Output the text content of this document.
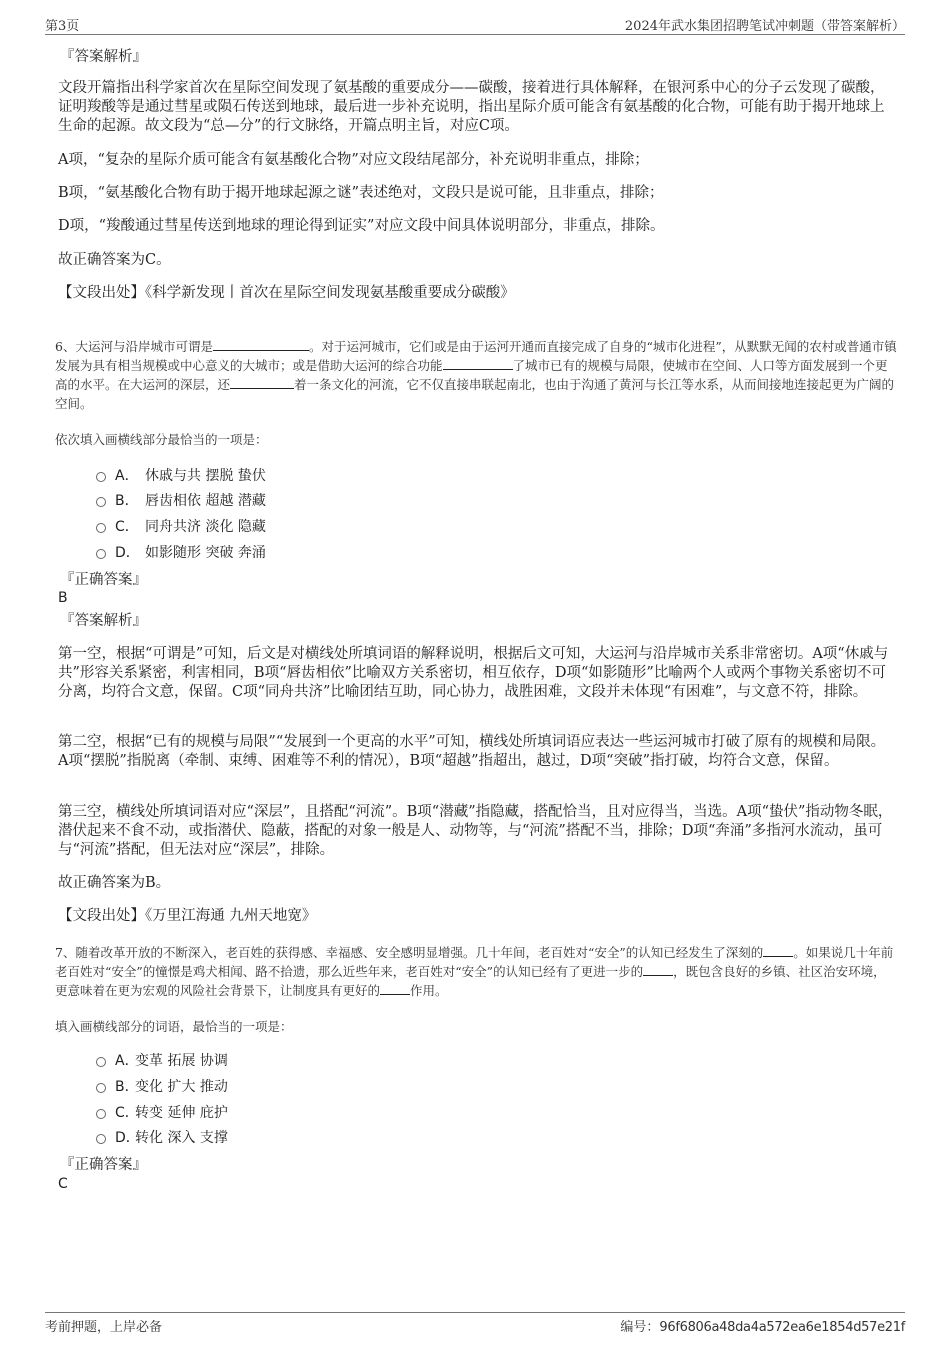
第3页	2024年武水集团招聘笔试冲刺题（带答案解析）
『答案解析』

文段开篇指出科学家首次在星际空间发现了氨基酸的重要成分——碳酸，接着进行具体解释，在银河系中心的分子云发现了碳酸，证明羧酸等是通过彗星或陨石传送到地球，最后进一步补充说明，指出星际介质可能含有氨基酸的化合物，可能有助于揭开地球上生命的起源。故文段为“总—分”的行文脉络，开篇点明主旨，对应C项。

A项，“复杂的星际介质可能含有氨基酸化合物”对应文段结尾部分，补充说明非重点，排除；

B项，“氨基酸化合物有助于揭开地球起源之谜”表述绝对，文段只是说可能，且非重点，排除；

D项，“羧酸通过彗星传送到地球的理论得到证实”对应文段中间具体说明部分，非重点，排除。

故正确答案为C。

【文段出处】《科学新发现丨首次在星际空间发现氨基酸重要成分碳酸》

6、大运河与沿岸城市可谓是	。对于运河城市，它们或是由于运河开通而直接完成了自身的“城市化进程”，从默默无闻的农村或普通市镇发展为具有相当规模或中心意义的大城市；或是借助大运河的综合功能	了城市已有的规模与局限，使城市在空间、人口等方面发展到一个更高的水平。在大运河的深层，还	着一条文化的河流，它不仅直接串联起南北，也由于沟通了黄河与长江等水系，从而间接地连接起更为广阔的空间。

依次填入画横线部分最恰当的一项是：

A． 休戚与共 摆脱 蛰伏
B． 唇齿相依 超越 潜藏
C． 同舟共济 淡化 隐藏
D． 如影随形 突破 奔涌
『正确答案』
B
『答案解析』

第一空，根据“可谓是”可知，后文是对横线处所填词语的解释说明，根据后文可知，大运河与沿岸城市关系非常密切。A项“休戚与共”形容关系紧密，利害相同，B项“唇齿相依”比喻双方关系密切，相互依存，D项“如影随形”比喻两个人或两个事物关系密切不可分离，均符合文意，保留。C项“同舟共济”比喻团结互助，同心协力，战胜困难，文段并未体现“有困难”，与文意不符，排除。

第二空，根据“已有的规模与局限”“发展到一个更高的水平”可知，横线处所填词语应表达一些运河城市打破了原有的规模和局限。A项“摆脱”指脱离（牵制、束缚、困难等不利的情况），B项“超越”指超出，越过，D项“突破”指打破，均符合文意，保留。

第三空，横线处所填词语对应“深层”，且搭配“河流”。B项“潜藏”指隐藏，搭配恰当，且对应得当，当选。A项“蛰伏”指动物冬眠，潜伏起来不食不动，或指潜伏、隐蔽，搭配的对象一般是人、动物等，与“河流”搭配不当，排除；D项“奔涌”多指河水流动，虽可与“河流”搭配，但无法对应“深层”，排除。

故正确答案为B。

【文段出处】《万里江海通 九州天地宽》

7、随着改革开放的不断深入，老百姓的获得感、幸福感、安全感明显增强。几十年间，老百姓对“安全”的认知已经发生了深刻的 。如果说几十年前老百姓对“安全”的憧憬是鸡犬相闻、路不拾遗，那么近些年来，老百姓对“安全”的认知已经有了更进一步的 ，既包含良好的乡镇、社区治安环境，更意味着在更为宏观的风险社会背景下，让制度具有更好的 作用。

填入画横线部分的词语，最恰当的一项是：

A．变革 拓展 协调
B．变化 扩大 推动
C．转变 延伸 庇护
D．转化 深入 支撑
『正确答案』
C
考前押题，上岸必备	编号：96f6806a48da4a572ea6e1854d57e21f
